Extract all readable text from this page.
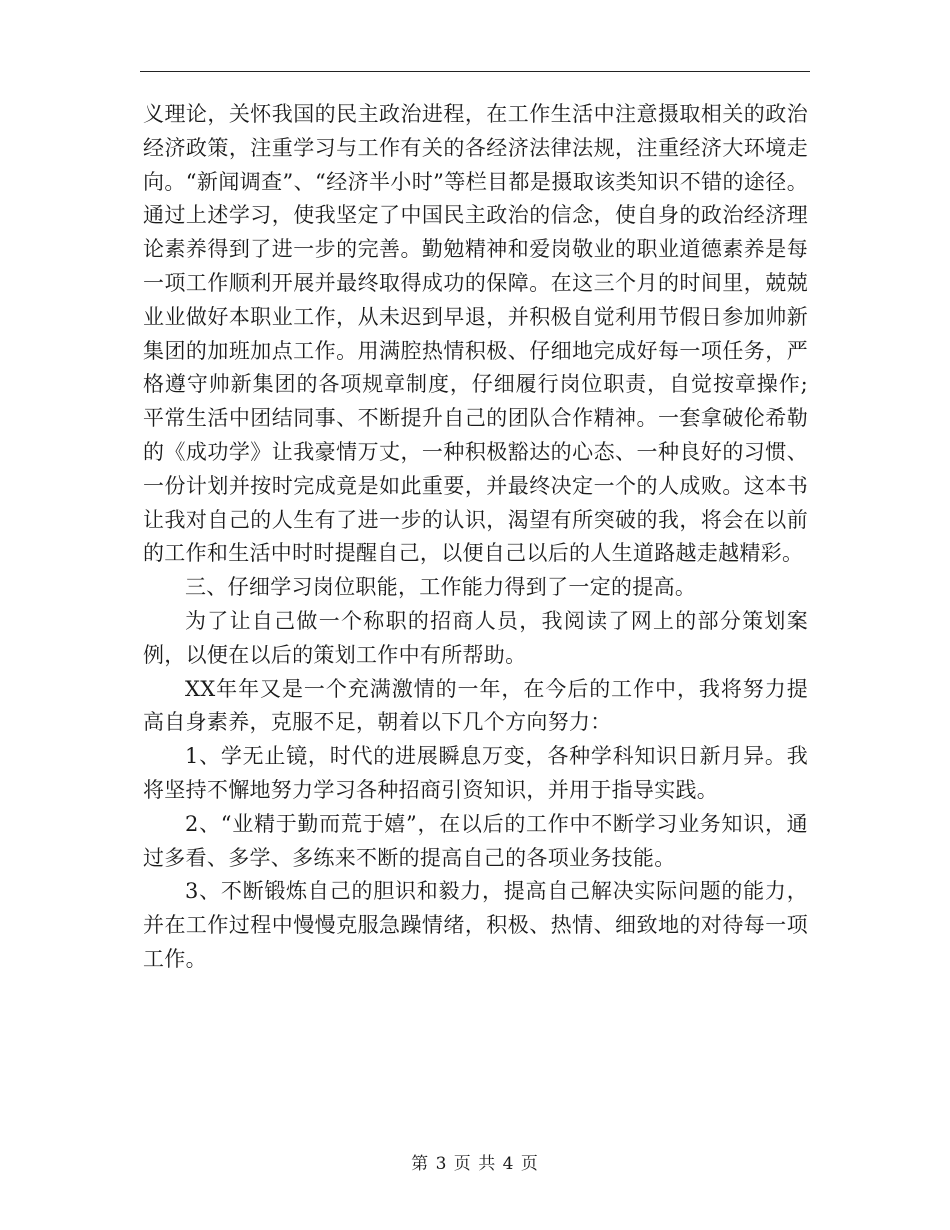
义理论，关怀我国的民主政治进程，在工作生活中注意摄取相关的政治经济政策，注重学习与工作有关的各经济法律法规，注重经济大环境走向。“新闻调查”、“经济半小时”等栏目都是摄取该类知识不错的途径。通过上述学习，使我坚定了中国民主政治的信念，使自身的政治经济理论素养得到了进一步的完善。勤勉精神和爱岗敬业的职业道德素养是每一项工作顺利开展并最终取得成功的保障。在这三个月的时间里，兢兢业业做好本职业工作，从未迟到早退，并积极自觉利用节假日参加帅新集团的加班加点工作。用满腔热情积极、仔细地完成好每一项任务，严格遵守帅新集团的各项规章制度，仔细履行岗位职责，自觉按章操作;平常生活中团结同事、不断提升自己的团队合作精神。一套拿破伦希勒的《成功学》让我豪情万丈，一种积极豁达的心态、一种良好的习惯、一份计划并按时完成竟是如此重要，并最终决定一个的人成败。这本书让我对自己的人生有了进一步的认识，渴望有所突破的我，将会在以前的工作和生活中时时提醒自己，以便自己以后的人生道路越走越精彩。

三、仔细学习岗位职能，工作能力得到了一定的提高。

为了让自己做一个称职的招商人员，我阅读了网上的部分策划案例，以便在以后的策划工作中有所帮助。

XX年年又是一个充满激情的一年，在今后的工作中，我将努力提高自身素养，克服不足，朝着以下几个方向努力：

1、学无止镜，时代的进展瞬息万变，各种学科知识日新月异。我将坚持不懈地努力学习各种招商引资知识，并用于指导实践。

2、“业精于勤而荒于嬉”，在以后的工作中不断学习业务知识，通过多看、多学、多练来不断的提高自己的各项业务技能。

3、不断锻炼自己的胆识和毅力，提高自己解决实际问题的能力，并在工作过程中慢慢克服急躁情绪，积极、热情、细致地的对待每一项工作。

第 3 页 共 4 页
